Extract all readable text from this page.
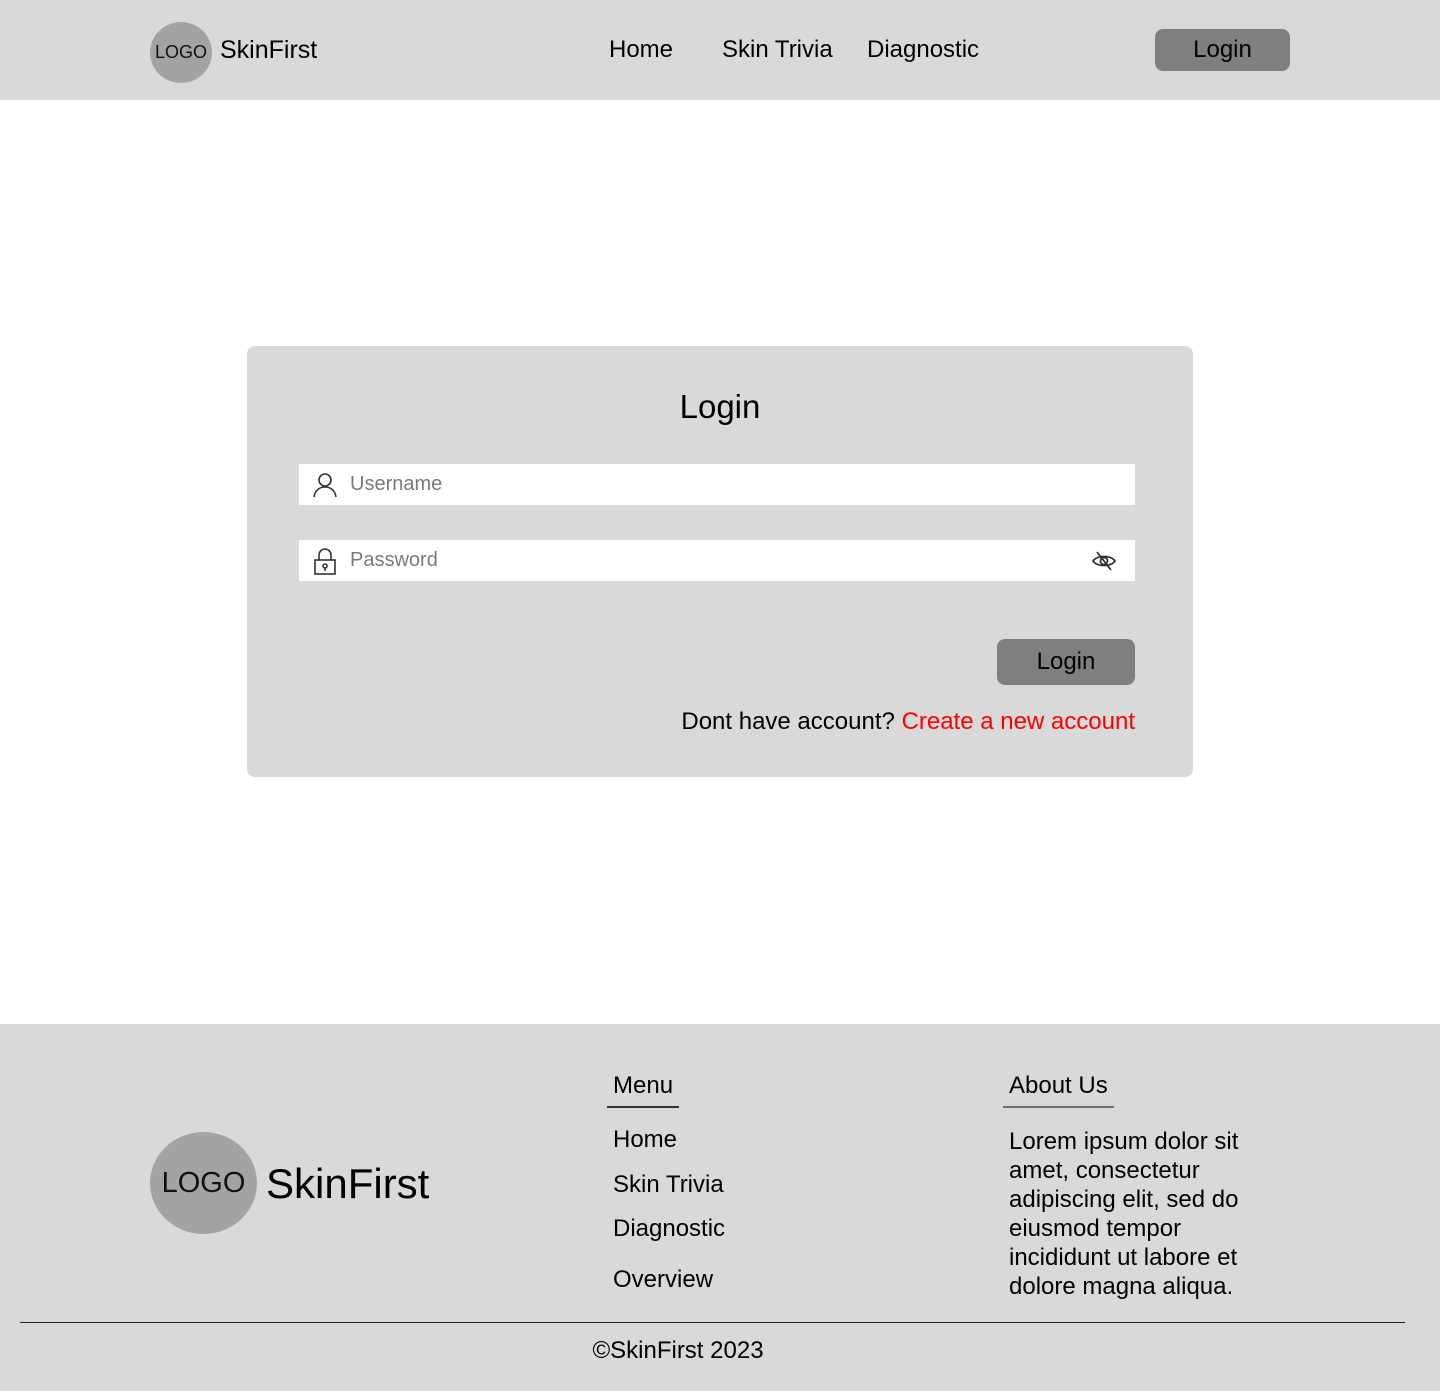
LOGO SkinFirst	Home Skin Trivia Diagnostic	Login
Login
Username
Login
Dont have account? Create a new account
LOGO SkinFirst
Menu
Home
Skin Trivia
Diagnostic
Overview
About Us
Lorem ipsum dolor sit amet, consectetur adipiscing elit, sed do eiusmod tempor incididunt ut labore et dolore magna aliqua.
©SkinFirst 2023
